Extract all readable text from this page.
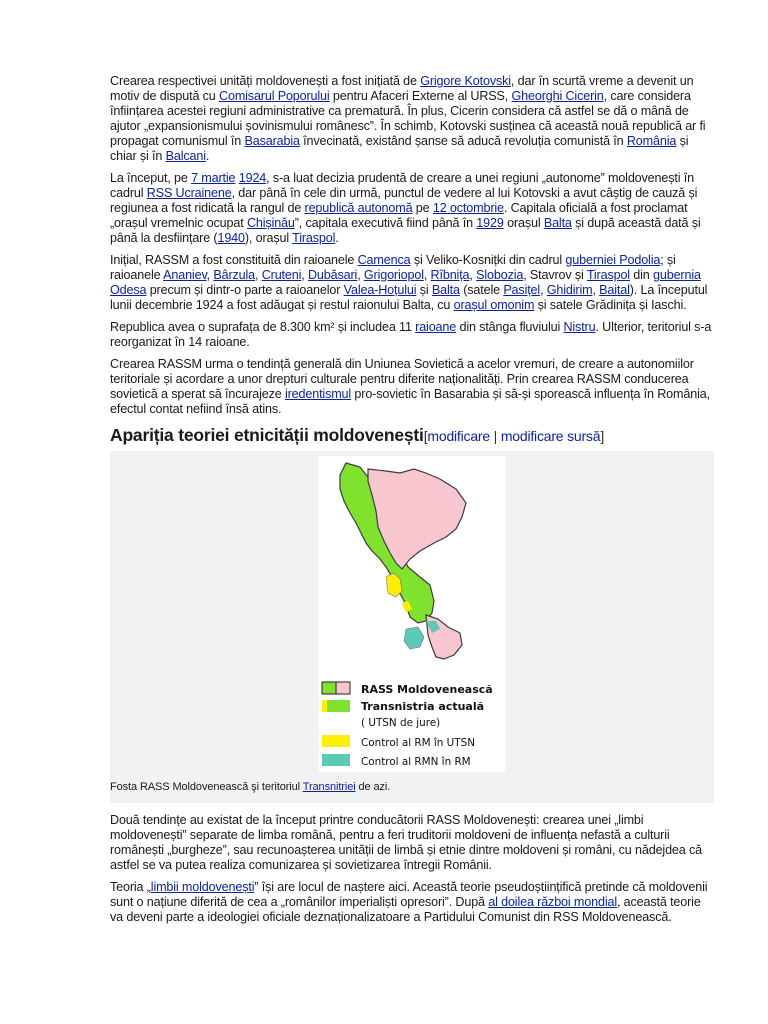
Crearea respectivei unități moldovenești a fost inițiată de Grigore Kotovski, dar în scurtă vreme a devenit un motiv de dispută cu Comisarul Poporului pentru Afaceri Externe al URSS, Gheorghi Cicerin, care considera înființarea acestei regiuni administrative ca prematură. În plus, Cicerin considera că astfel se dă o mână de ajutor „expansionismului șovinismului românesc”. În schimb, Kotovski susținea că această nouă republică ar fi propagat comunismul în Basarabia învecinată, existând șanse să aducă revoluția comunistă în România și chiar și în Balcani.

La început, pe 7 martie 1924, s-a luat decizia prudentă de creare a unei regiuni „autonome” moldovenești în cadrul RSS Ucrainene, dar până în cele din urmă, punctul de vedere al lui Kotovski a avut câștig de cauză și regiunea a fost ridicată la rangul de republică autonomă pe 12 octombrie. Capitala oficială a fost proclamat „orașul vremelnic ocupat Chișinău”, capitala executivă fiind până în 1929 orașul Balta și după această dată și până la desființare (1940), orașul Tiraspol.

Inițial, RASSM a fost constituită din raioanele Camenca și Veliko-Kosnițki din cadrul guberniei Podolia; și raioanele Ananiev, Bârzula, Cruteni, Dubăsari, Grigoriopol, Rîbnița, Slobozia, Stavrov și Tiraspol din gubernia Odesa precum și dintr-o parte a raioanelor Valea-Hoțului și Balta (satele Pasițel, Ghidirim, Baital). La începutul lunii decembrie 1924 a fost adăugat și restul raionului Balta, cu orașul omonim și satele Grădinița și Iaschi.

Republica avea o suprafața de 8.300 km² și includea 11 raioane din stânga fluviului Nistru. Ulterior, teritoriul s-a reorganizat în 14 raioane.

Crearea RASSM urma o tendință generală din Uniunea Sovietică a acelor vremuri, de creare a autonomiilor teritoriale și acordare a unor drepturi culturale pentru diferite naționalități. Prin crearea RASSM conducerea sovietică a sperat să încurajeze iredentismul pro-sovietic în Basarabia și să-și sporească influența în România, efectul contat nefiind însă atins.

Apariția teoriei etnicității moldovenești[modificare | modificare sursă]
RASS Moldovenească
Transnistria actuală
( UTSN de jure)
Control al RM în UTSN
Control al RMN în RM
Fosta RASS Moldovenească şi teritoriul Transnitriei de azi.

Două tendințe au existat de la început printre conducătorii RASS Moldovenești: crearea unei „limbi moldovenești” separate de limba română, pentru a feri truditorii moldoveni de influența nefastă a culturii românești „burgheze”, sau recunoașterea unității de limbă și etnie dintre moldoveni și români, cu nădejdea că astfel se va putea realiza comunizarea și sovietizarea întregii Românii.

Teoria „limbii moldovenești” își are locul de naștere aici. Această teorie pseudoștiințifică pretinde că moldovenii sunt o națiune diferită de cea a „românilor imperialiști opresori”. După al doilea război mondial, această teorie va deveni parte a ideologiei oficiale deznaționalizatoare a Partidului Comunist din RSS Moldovenească.
